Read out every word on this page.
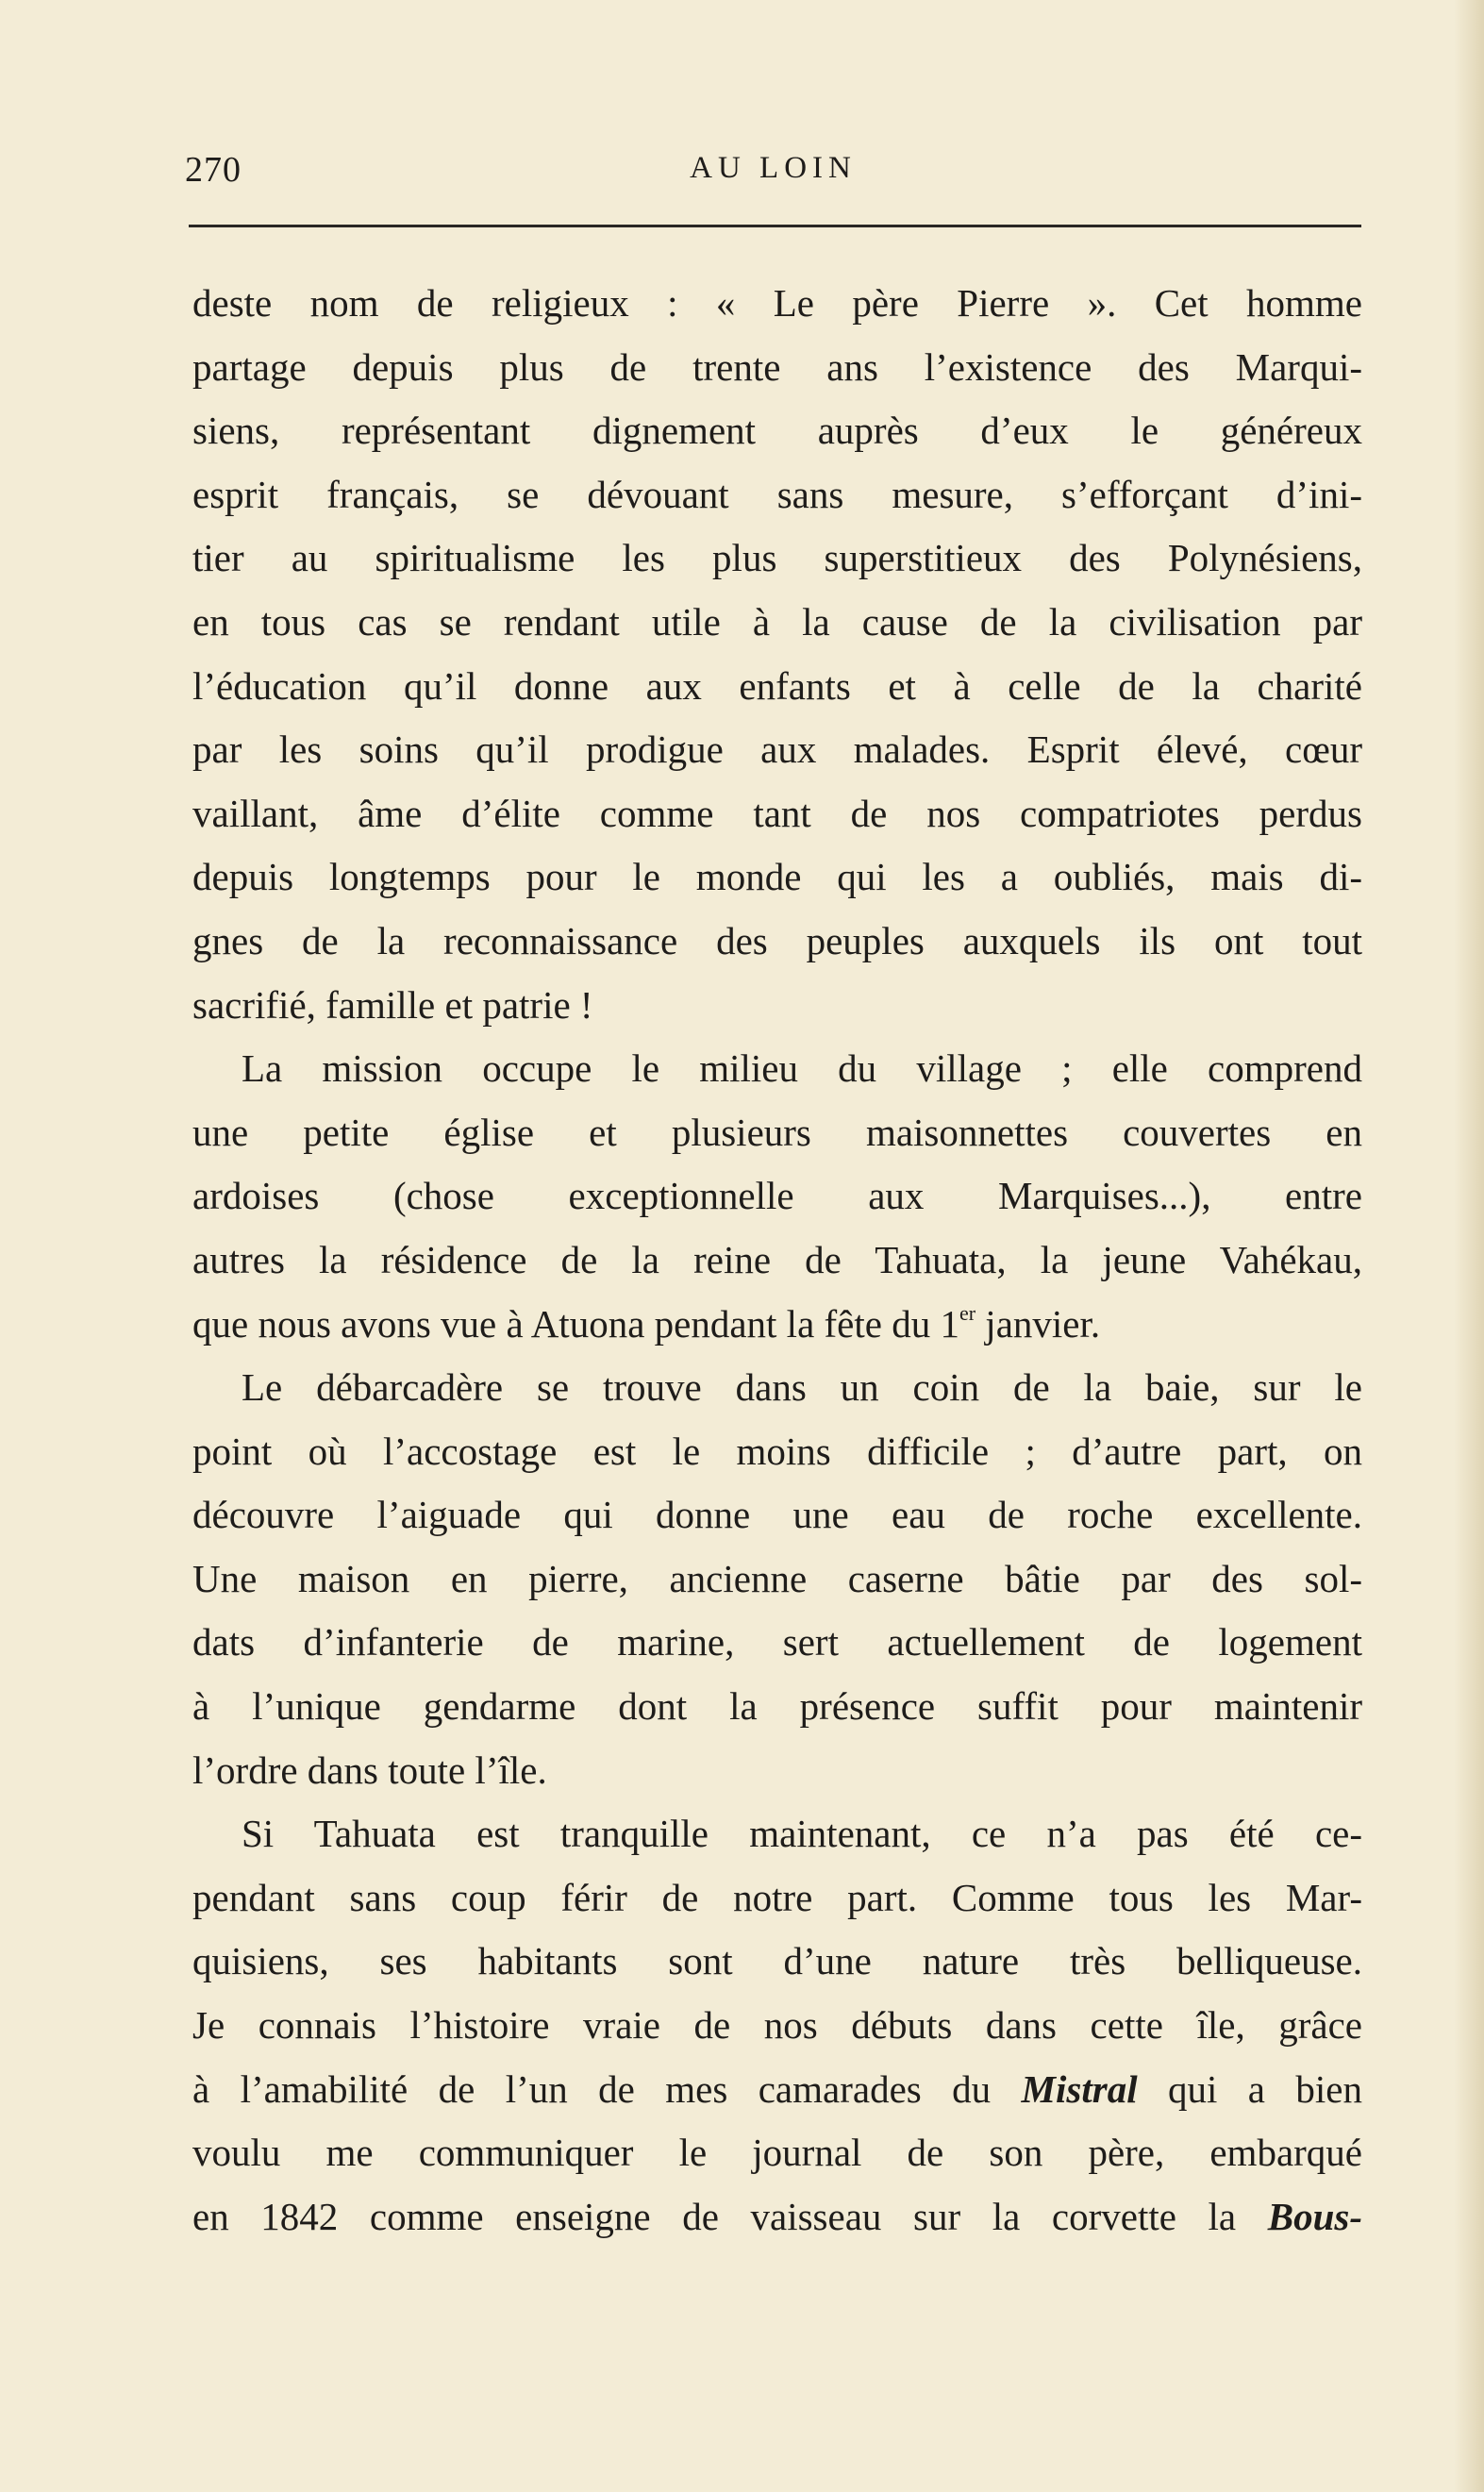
270	AU LOIN
deste nom de religieux : « Le père Pierre ». Cet homme
partage depuis plus de trente ans l’existence des Marqui-
siens, représentant dignement auprès d’eux le généreux
esprit français, se dévouant sans mesure, s’efforçant d’ini-
tier au spiritualisme les plus superstitieux des Polynésiens,
en tous cas se rendant utile à la cause de la civilisation par
l’éducation qu’il donne aux enfants et à celle de la charité
par les soins qu’il prodigue aux malades. Esprit élevé, cœur
vaillant, âme d’élite comme tant de nos compatriotes perdus
depuis longtemps pour le monde qui les a oubliés, mais di-
gnes de la reconnaissance des peuples auxquels ils ont tout
sacrifié, famille et patrie !
La mission occupe le milieu du village ; elle comprend
une petite église et plusieurs maisonnettes couvertes en
ardoises (chose exceptionnelle aux Marquises...), entre
autres la résidence de la reine de Tahuata, la jeune Vahékau,
que nous avons vue à Atuona pendant la fête du 1er janvier.
Le débarcadère se trouve dans un coin de la baie, sur le
point où l’accostage est le moins difficile ; d’autre part, on
découvre l’aiguade qui donne une eau de roche excellente.
Une maison en pierre, ancienne caserne bâtie par des sol-
dats d’infanterie de marine, sert actuellement de logement
à l’unique gendarme dont la présence suffit pour maintenir
l’ordre dans toute l’île.
Si Tahuata est tranquille maintenant, ce n’a pas été ce-
pendant sans coup férir de notre part. Comme tous les Mar-
quisiens, ses habitants sont d’une nature très belliqueuse.
Je connais l’histoire vraie de nos débuts dans cette île, grâce
à l’amabilité de l’un de mes camarades du Mistral qui a bien
voulu me communiquer le journal de son père, embarqué
en 1842 comme enseigne de vaisseau sur la corvette la Bous-
